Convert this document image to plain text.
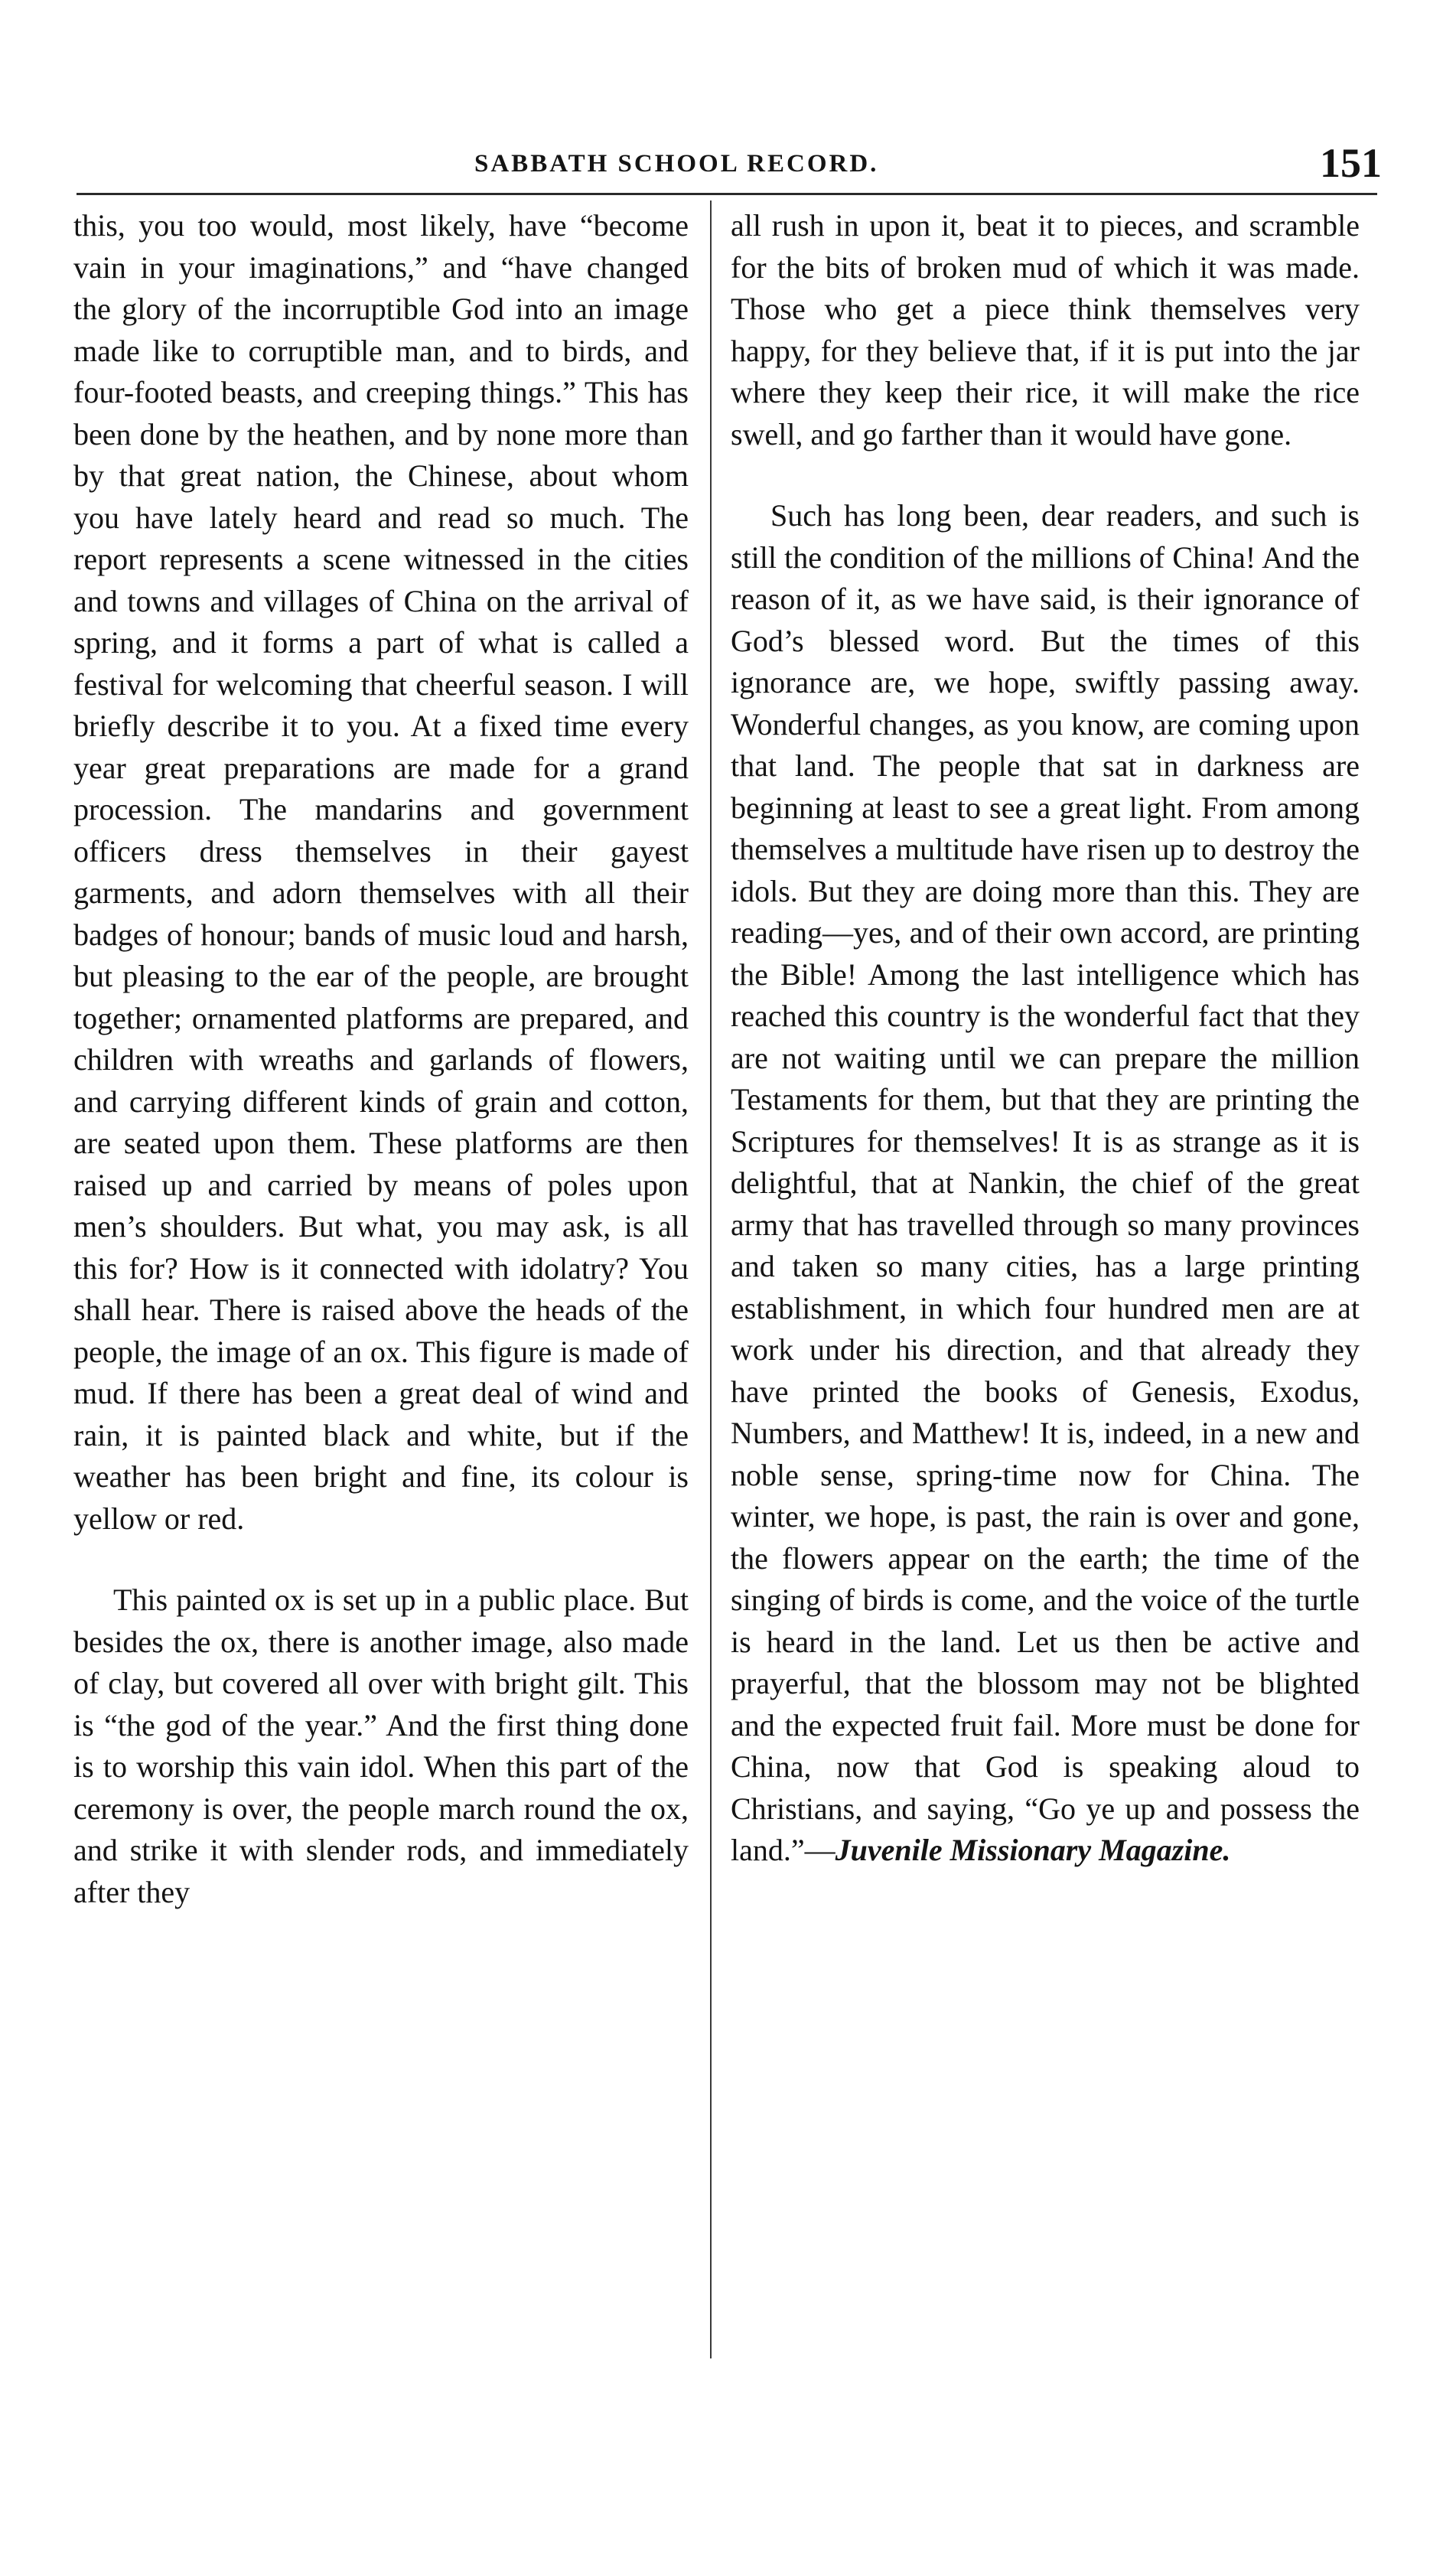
SABBATH SCHOOL RECORD.	151

this, you too would, most likely, have “become vain in your imaginations,” and “have changed the glory of the incorruptible God into an image made like to corruptible man, and to birds, and four-footed beasts, and creeping things.” This has been done by the heathen, and by none more than by that great nation, the Chinese, about whom you have lately heard and read so much. The report represents a scene witnessed in the cities and towns and villages of China on the arrival of spring, and it forms a part of what is called a festival for welcoming that cheerful season. I will briefly describe it to you. At a fixed time every year great preparations are made for a grand procession. The mandarins and government officers dress themselves in their gayest garments, and adorn themselves with all their badges of honour; bands of music loud and harsh, but pleasing to the ear of the people, are brought together; ornamented platforms are prepared, and children with wreaths and garlands of flowers, and carrying different kinds of grain and cotton, are seated upon them. These platforms are then raised up and carried by means of poles upon men’s shoulders. But what, you may ask, is all this for? How is it connected with idolatry? You shall hear. There is raised above the heads of the people, the image of an ox. This figure is made of mud. If there has been a great deal of wind and rain, it is painted black and white, but if the weather has been bright and fine, its colour is yellow or red.

This painted ox is set up in a public place. But besides the ox, there is another image, also made of clay, but covered all over with bright gilt. This is “the god of the year.” And the first thing done is to worship this vain idol. When this part of the ceremony is over, the people march round the ox, and strike it with slender rods, and immediately after they

all rush in upon it, beat it to pieces, and scramble for the bits of broken mud of which it was made. Those who get a piece think themselves very happy, for they believe that, if it is put into the jar where they keep their rice, it will make the rice swell, and go farther than it would have gone.

Such has long been, dear readers, and such is still the condition of the millions of China! And the reason of it, as we have said, is their ignorance of God’s blessed word. But the times of this ignorance are, we hope, swiftly passing away. Wonderful changes, as you know, are coming upon that land. The people that sat in darkness are beginning at least to see a great light. From among themselves a multitude have risen up to destroy the idols. But they are doing more than this. They are reading—yes, and of their own accord, are printing the Bible! Among the last intelligence which has reached this country is the wonderful fact that they are not waiting until we can prepare the million Testaments for them, but that they are printing the Scriptures for themselves! It is as strange as it is delightful, that at Nankin, the chief of the great army that has travelled through so many provinces and taken so many cities, has a large printing establishment, in which four hundred men are at work under his direction, and that already they have printed the books of Genesis, Exodus, Numbers, and Matthew! It is, indeed, in a new and noble sense, spring-time now for China. The winter, we hope, is past, the rain is over and gone, the flowers appear on the earth; the time of the singing of birds is come, and the voice of the turtle is heard in the land. Let us then be active and prayerful, that the blossom may not be blighted and the expected fruit fail. More must be done for China, now that God is speaking aloud to Christians, and saying, “Go ye up and possess the land.”—Juvenile Missionary Magazine.
